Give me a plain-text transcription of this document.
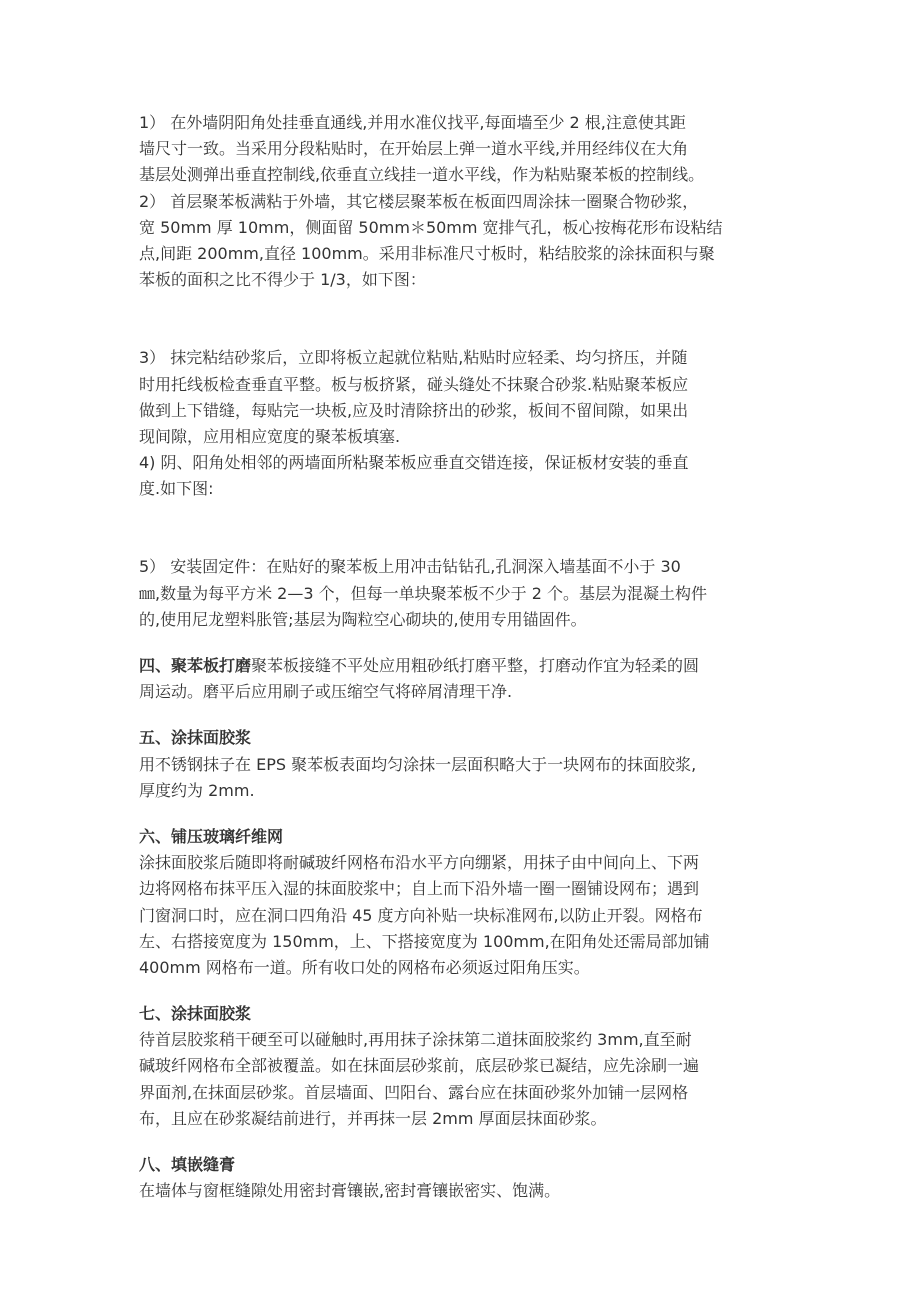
1） 在外墙阴阳角处挂垂直通线,并用水准仪找平,每面墙至少 2 根,注意使其距
墙尺寸一致。当采用分段粘贴时，在开始层上弹一道水平线,并用经纬仪在大角
基层处测弹出垂直控制线,依垂直立线挂一道水平线，作为粘贴聚苯板的控制线。
2） 首层聚苯板满粘于外墙，其它楼层聚苯板在板面四周涂抹一圈聚合物砂浆，
宽 50mm 厚 10mm，侧面留 50mm＊50mm 宽排气孔，板心按梅花形布设粘结
点,间距 200mm,直径 100mm。采用非标准尺寸板时，粘结胶浆的涂抹面积与聚
苯板的面积之比不得少于 1/3，如下图：
3） 抹完粘结砂浆后，立即将板立起就位粘贴,粘贴时应轻柔、均匀挤压，并随
时用托线板检查垂直平整。板与板挤紧，碰头缝处不抹聚合砂浆.粘贴聚苯板应
做到上下错缝，每贴完一块板,应及时清除挤出的砂浆，板间不留间隙，如果出
现间隙，应用相应宽度的聚苯板填塞.
4) 阴、阳角处相邻的两墙面所粘聚苯板应垂直交错连接，保证板材安装的垂直
度.如下图:
5） 安装固定件：在贴好的聚苯板上用冲击钻钻孔,孔洞深入墙基面不小于 30
㎜,数量为每平方米 2—3 个，但每一单块聚苯板不少于 2 个。基层为混凝土构件
的,使用尼龙塑料胀管;基层为陶粒空心砌块的,使用专用锚固件。
四、聚苯板打磨聚苯板接缝不平处应用粗砂纸打磨平整，打磨动作宜为轻柔的圆
周运动。磨平后应用刷子或压缩空气将碎屑清理干净.
五、涂抹面胶浆
用不锈钢抹子在 EPS 聚苯板表面均匀涂抹一层面积略大于一块网布的抹面胶浆,
厚度约为 2mm.
六、铺压玻璃纤维网
涂抹面胶浆后随即将耐碱玻纤网格布沿水平方向绷紧，用抹子由中间向上、下两
边将网格布抹平压入湿的抹面胶浆中；自上而下沿外墙一圈一圈铺设网布；遇到
门窗洞口时，应在洞口四角沿 45 度方向补贴一块标准网布,以防止开裂。网格布
左、右搭接宽度为 150mm，上、下搭接宽度为 100mm,在阳角处还需局部加铺
400mm 网格布一道。所有收口处的网格布必须返过阳角压实。
七、涂抹面胶浆
待首层胶浆稍干硬至可以碰触时,再用抹子涂抹第二道抹面胶浆约 3mm,直至耐
碱玻纤网格布全部被覆盖。如在抹面层砂浆前，底层砂浆已凝结，应先涂刷一遍
界面剂,在抹面层砂浆。首层墙面、凹阳台、露台应在抹面砂浆外加铺一层网格
布，且应在砂浆凝结前进行，并再抹一层 2mm 厚面层抹面砂浆。
八、填嵌缝膏
在墙体与窗框缝隙处用密封膏镶嵌,密封膏镶嵌密实、饱满。
